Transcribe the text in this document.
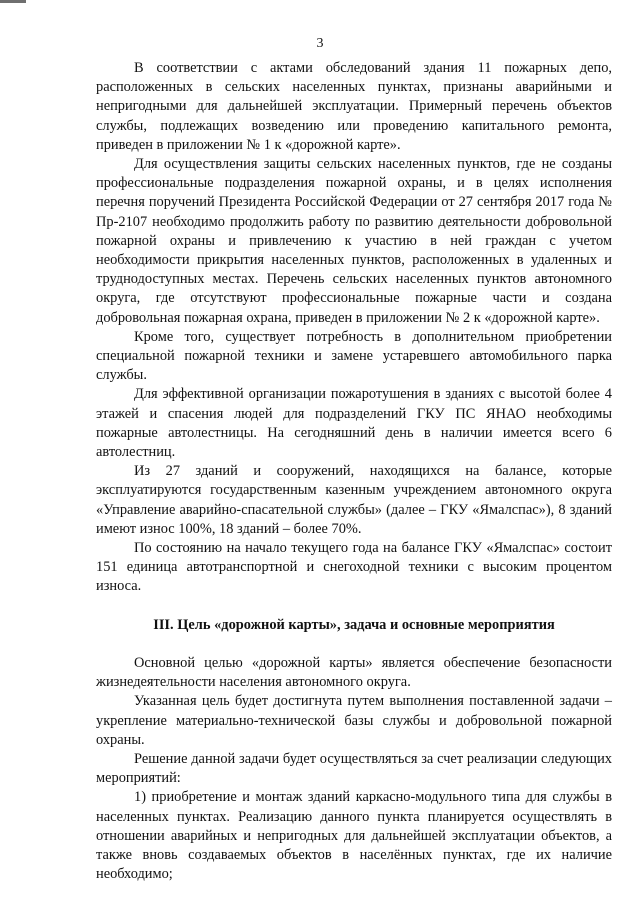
3

В соответствии с актами обследований здания 11 пожарных депо, расположенных в сельских населенных пунктах, признаны аварийными и непригодными для дальнейшей эксплуатации. Примерный перечень объектов службы, подлежащих возведению или проведению капитального ремонта, приведен в приложении № 1 к «дорожной карте».

Для осуществления защиты сельских населенных пунктов, где не созданы профессиональные подразделения пожарной охраны, и в целях исполнения перечня поручений Президента Российской Федерации от 27 сентября 2017 года № Пр-2107 необходимо продолжить работу по развитию деятельности добровольной пожарной охраны и привлечению к участию в ней граждан с учетом необходимости прикрытия населенных пунктов, расположенных в удаленных и труднодоступных местах. Перечень сельских населенных пунктов автономного округа, где отсутствуют профессиональные пожарные части и создана добровольная пожарная охрана, приведен в приложении № 2 к «дорожной карте».

Кроме того, существует потребность в дополнительном приобретении специальной пожарной техники и замене устаревшего автомобильного парка службы.

Для эффективной организации пожаротушения в зданиях с высотой более 4 этажей и спасения людей для подразделений ГКУ ПС ЯНАО необходимы пожарные автолестницы. На сегодняшний день в наличии имеется всего 6 автолестниц.

Из 27 зданий и сооружений, находящихся на балансе, которые эксплуатируются государственным казенным учреждением автономного округа «Управление аварийно-спасательной службы» (далее – ГКУ «Ямалспас»), 8 зданий имеют износ 100%, 18 зданий – более 70%.

По состоянию на начало текущего года на балансе ГКУ «Ямалспас» состоит 151 единица автотранспортной и снегоходной техники с высоким процентом износа.

III. Цель «дорожной карты», задача и основные мероприятия

Основной целью «дорожной карты» является обеспечение безопасности жизнедеятельности населения автономного округа.

Указанная цель будет достигнута путем выполнения поставленной задачи – укрепление материально-технической базы службы и добровольной пожарной охраны.

Решение данной задачи будет осуществляться за счет реализации следующих мероприятий:

1) приобретение и монтаж зданий каркасно-модульного типа для службы в населенных пунктах. Реализацию данного пункта планируется осуществлять в отношении аварийных и непригодных для дальнейшей эксплуатации объектов, а также вновь создаваемых объектов в населённых пунктах, где их наличие необходимо;
